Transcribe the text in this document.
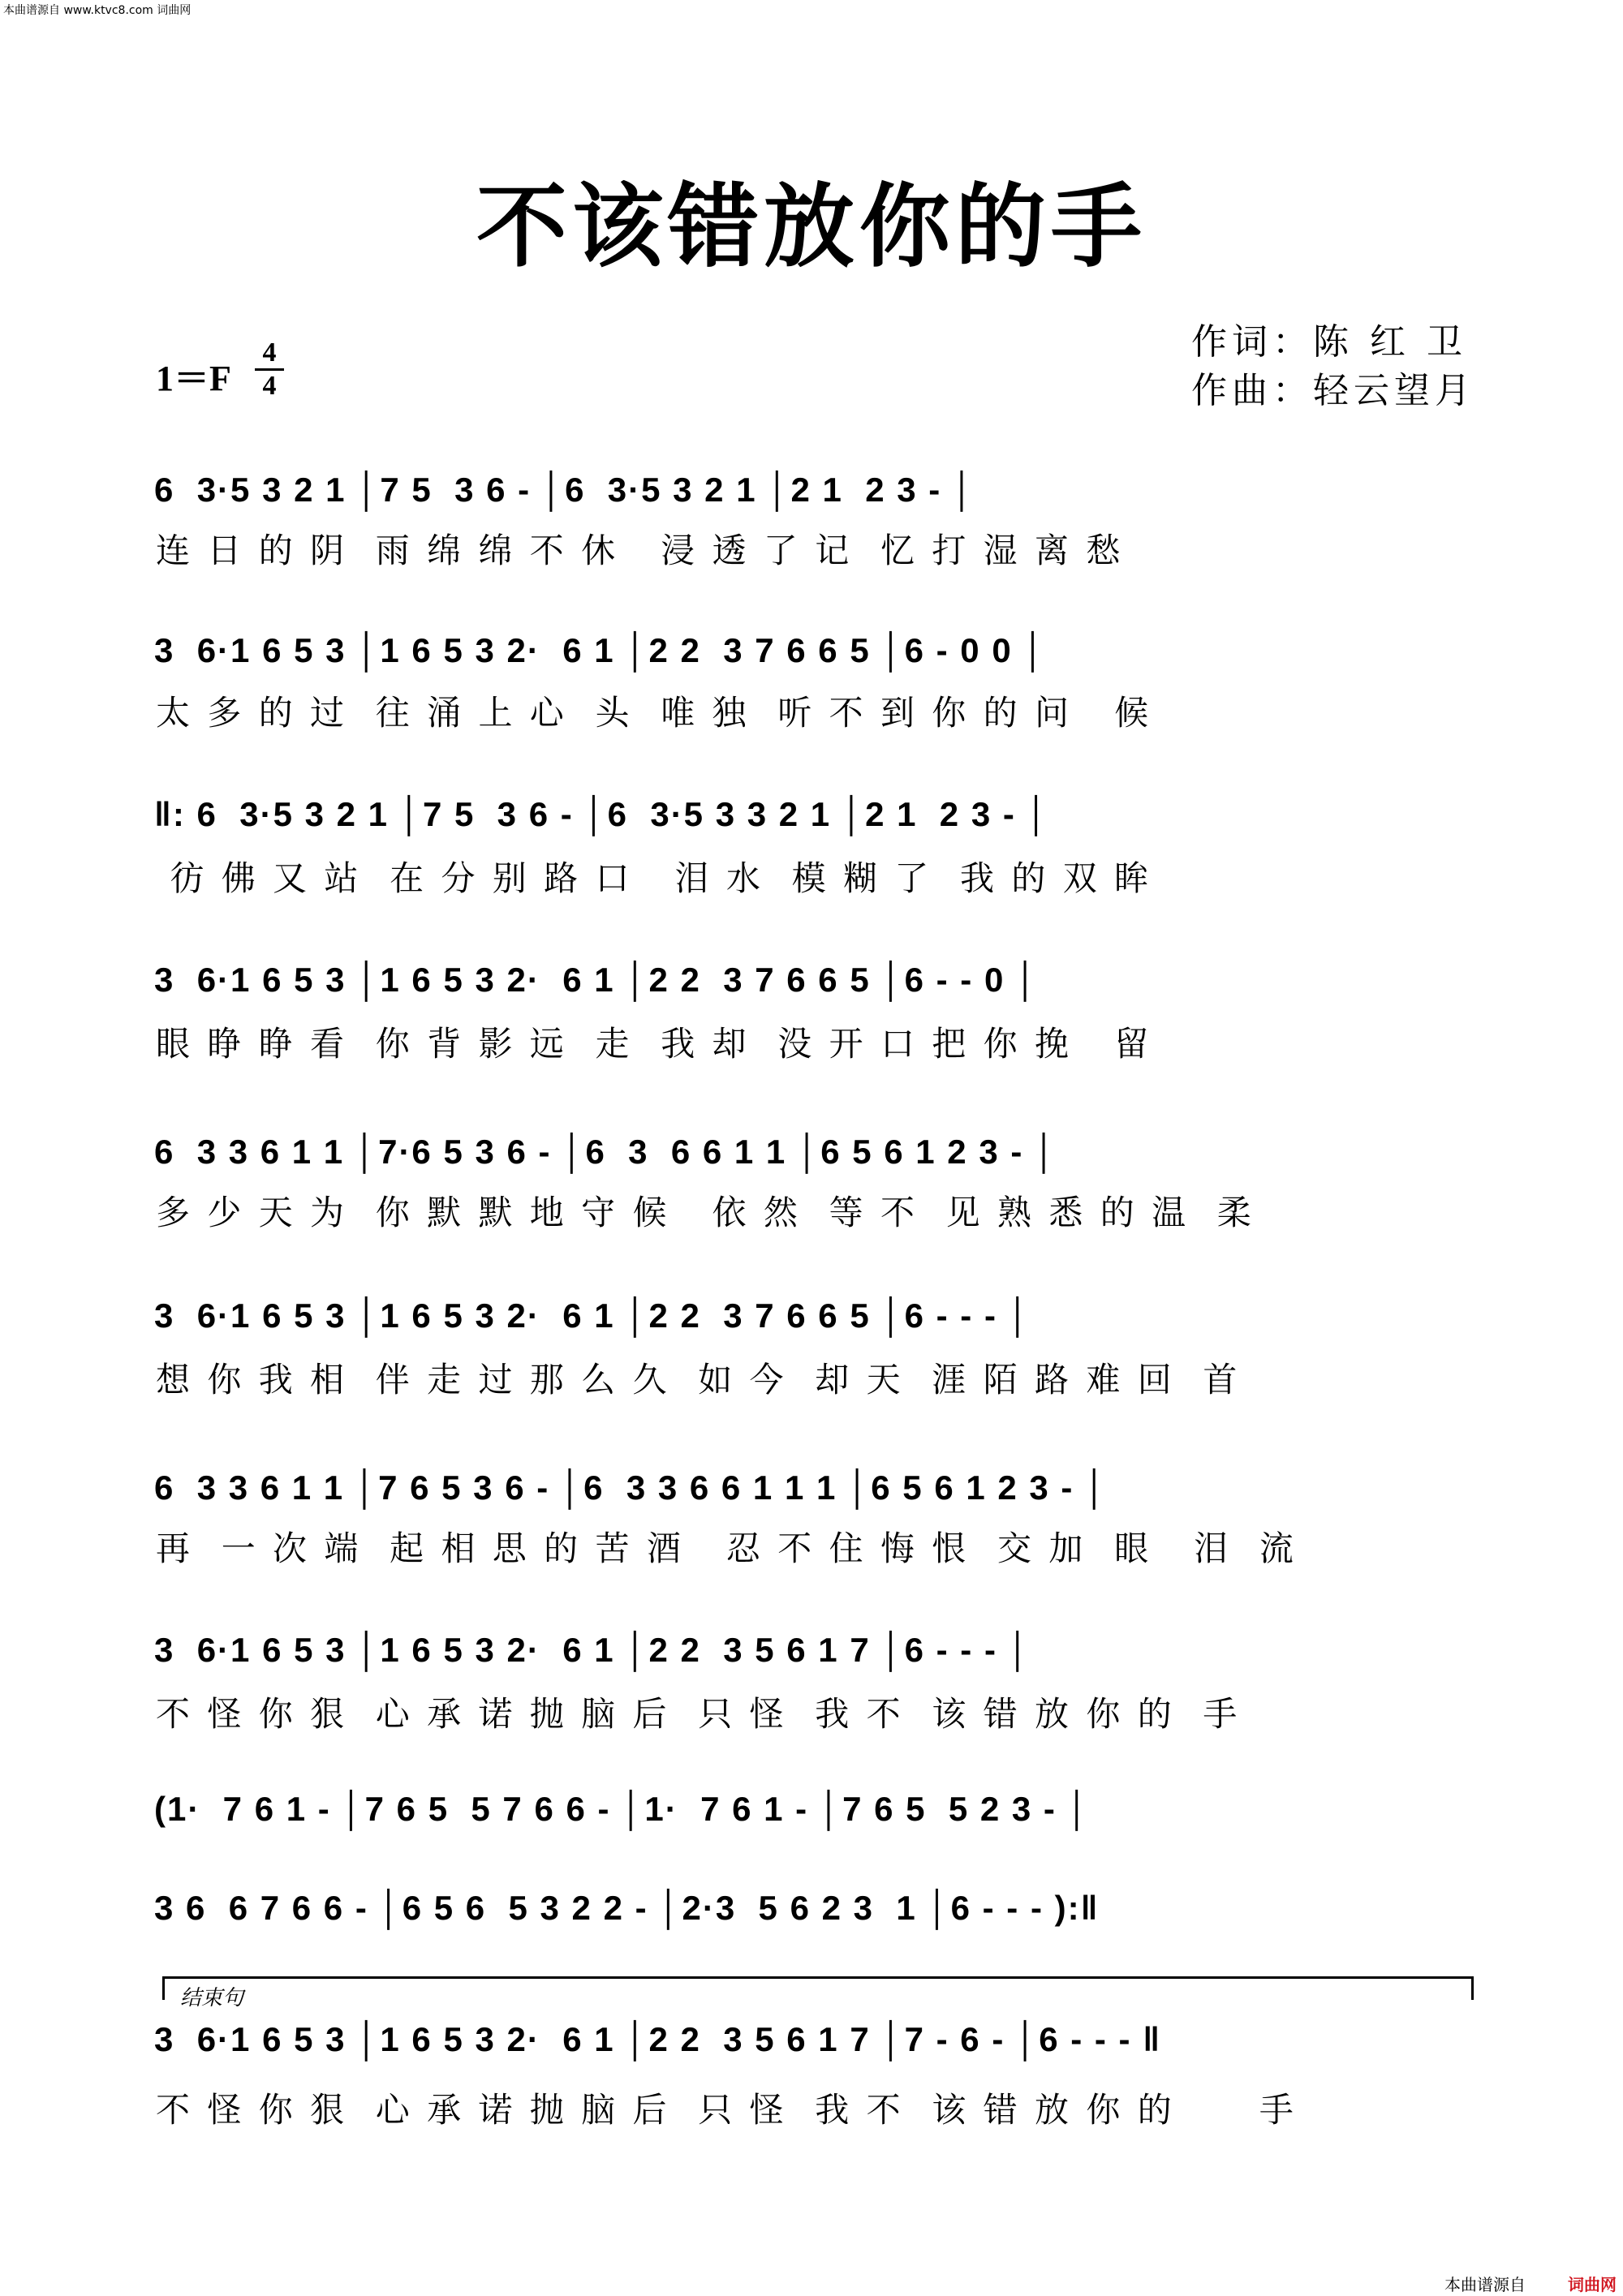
本曲谱源自 www.ktvc8.com 词曲网
不该错放你的手
1＝F
4
4
作词：陈 红 卫
作曲：轻云望月
6  3·5 3 2 1 │7 5  3 6 - │6  3·5 3 2 1 │2 1  2 3 - │
连 日 的 阴  雨 绵 绵 不 休   浸 透 了 记  忆 打 湿 离 愁
3  6·1 6 5 3 │1 6 5 3 2·  6 1 │2 2  3 7 6 6 5 │6 - 0 0 │
太 多 的 过  往 涌 上 心  头  唯 独  听 不 到 你 的 问   候
‖: 6  3·5 3 2 1 │7 5  3 6 - │6  3·5 3 3 2 1 │2 1  2 3 - │
彷 佛 又 站  在 分 别 路 口   泪 水  模 糊 了  我 的 双 眸
3  6·1 6 5 3 │1 6 5 3 2·  6 1 │2 2  3 7 6 6 5 │6 - - 0 │
眼 睁 睁 看  你 背 影 远  走  我 却  没 开 口 把 你 挽   留
6  3 3 6 1 1 │7·6 5 3 6 - │6  3  6 6 1 1 │6 5 6 1 2 3 - │
多 少 天 为  你 默 默 地 守 候   依 然  等 不  见 熟 悉 的 温  柔
3  6·1 6 5 3 │1 6 5 3 2·  6 1 │2 2  3 7 6 6 5 │6 - - - │
想 你 我 相  伴 走 过 那 么 久  如 今  却 天  涯 陌 路 难 回  首
6  3 3 6 1 1 │7 6 5 3 6 - │6  3 3 6 6 1 1 1 │6 5 6 1 2 3 - │
再  一 次 端  起 相 思 的 苦 酒   忍 不 住 悔 恨  交 加  眼   泪  流
3  6·1 6 5 3 │1 6 5 3 2·  6 1 │2 2  3 5 6 1 7 │6 - - - │
不 怪 你 狠  心 承 诺 抛 脑 后  只 怪  我 不  该 错 放 你 的  手
(1·  7 6 1 - │7 6 5  5 7 6 6 - │1·  7 6 1 - │7 6 5  5 2 3 - │
3 6  6 7 6 6 - │6 5 6  5 3 2 2 - │2·3  5 6 2 3  1 │6 - - - ):‖
结束句
3  6·1 6 5 3 │1 6 5 3 2·  6 1 │2 2  3 5 6 1 7 │7 - 6 - │6 - - - ‖
不 怪 你 狠  心 承 诺 抛 脑 后  只 怪  我 不  该 错 放 你 的      手
本曲谱源自	词曲网
